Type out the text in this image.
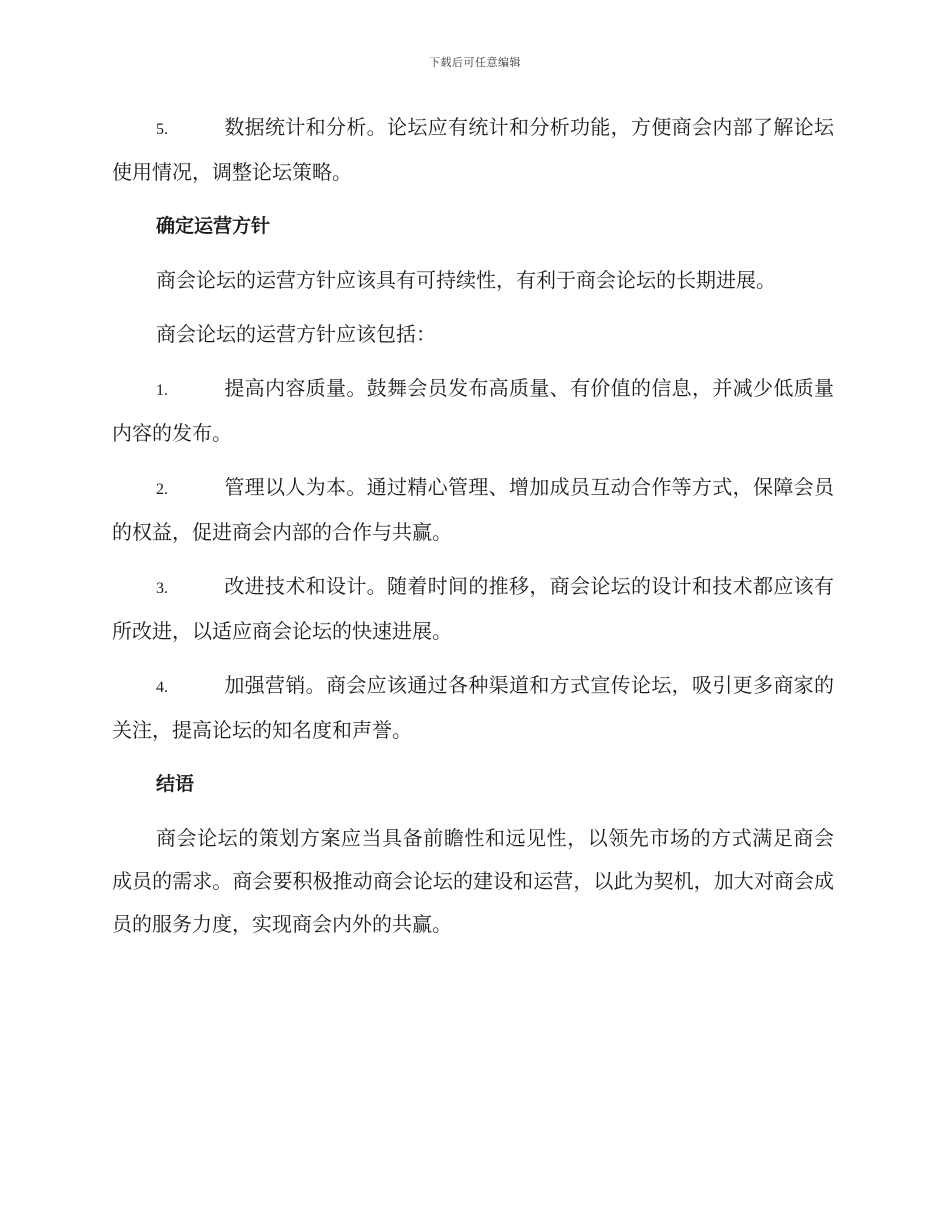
下载后可任意编辑

5.	数据统计和分析。论坛应有统计和分析功能，方便商会内部了解论坛使用情况，调整论坛策略。

确定运营方针

商会论坛的运营方针应该具有可持续性，有利于商会论坛的长期进展。

商会论坛的运营方针应该包括：

1.	提高内容质量。鼓舞会员发布高质量、有价值的信息，并减少低质量内容的发布。

2.	管理以人为本。通过精心管理、增加成员互动合作等方式，保障会员的权益，促进商会内部的合作与共赢。

3.	改进技术和设计。随着时间的推移，商会论坛的设计和技术都应该有所改进，以适应商会论坛的快速进展。

4.	加强营销。商会应该通过各种渠道和方式宣传论坛，吸引更多商家的关注，提高论坛的知名度和声誉。

结语

商会论坛的策划方案应当具备前瞻性和远见性，以领先市场的方式满足商会成员的需求。商会要积极推动商会论坛的建设和运营，以此为契机，加大对商会成员的服务力度，实现商会内外的共赢。
